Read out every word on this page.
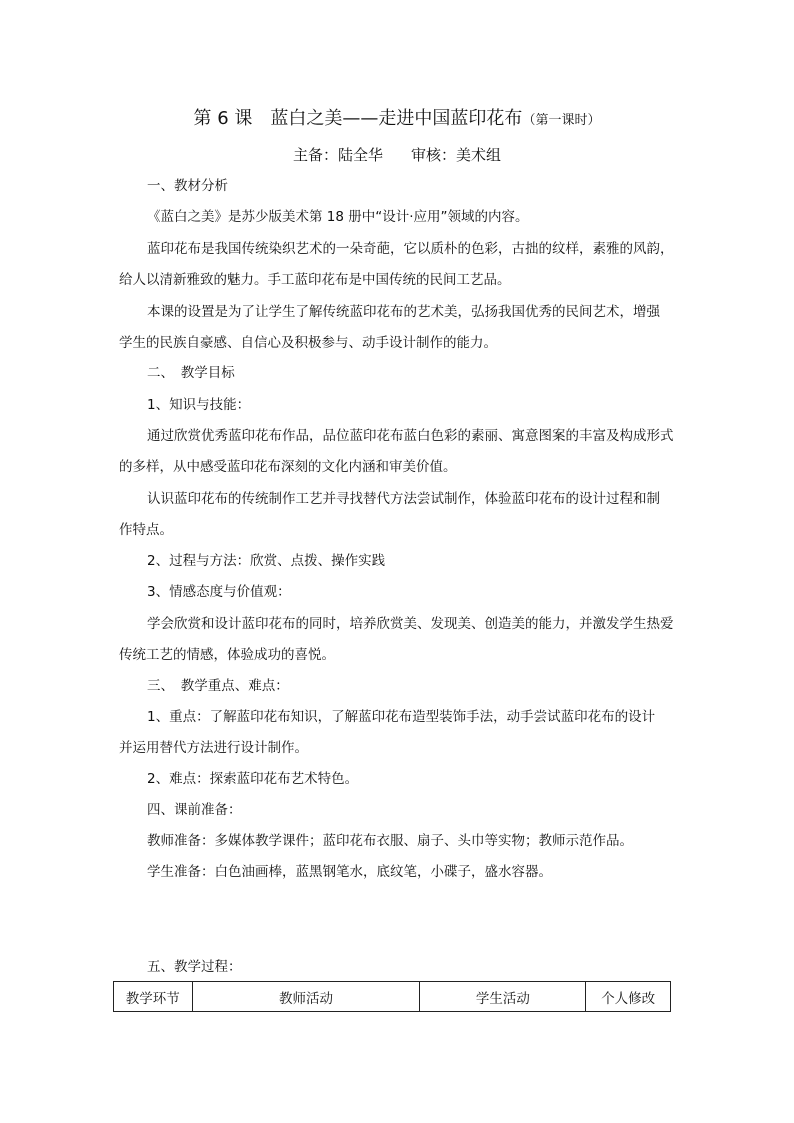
第 6 课　蓝白之美——走进中国蓝印花布（第一课时）
主备：陆全华 审核：美术组
一、教材分析
《蓝白之美》是苏少版美术第 18 册中“设计·应用”领域的内容。
蓝印花布是我国传统染织艺术的一朵奇葩，它以质朴的色彩，古拙的纹样，素雅的风韵，
给人以清新雅致的魅力。手工蓝印花布是中国传统的民间工艺品。
本课的设置是为了让学生了解传统蓝印花布的艺术美，弘扬我国优秀的民间艺术，增强
学生的民族自豪感、自信心及积极参与、动手设计制作的能力。
二、　教学目标
1、知识与技能：
通过欣赏优秀蓝印花布作品，品位蓝印花布蓝白色彩的素丽、寓意图案的丰富及构成形式
的多样，从中感受蓝印花布深刻的文化内涵和审美价值。
认识蓝印花布的传统制作工艺并寻找替代方法尝试制作，体验蓝印花布的设计过程和制
作特点。
2、过程与方法：欣赏、点拨、操作实践
3、情感态度与价值观：
学会欣赏和设计蓝印花布的同时，培养欣赏美、发现美、创造美的能力，并激发学生热爱
传统工艺的情感，体验成功的喜悦。
三、　教学重点、难点：
1、重点：了解蓝印花布知识，了解蓝印花布造型装饰手法，动手尝试蓝印花布的设计
并运用替代方法进行设计制作。
2、难点：探索蓝印花布艺术特色。
四、课前准备：
教师准备：多媒体教学课件；蓝印花布衣服、扇子、头巾等实物；教师示范作品。
学生准备：白色油画棒，蓝黑钢笔水，底纹笔，小碟子，盛水容器。
五、教学过程：
教学环节	教师活动	学生活动	个人修改
